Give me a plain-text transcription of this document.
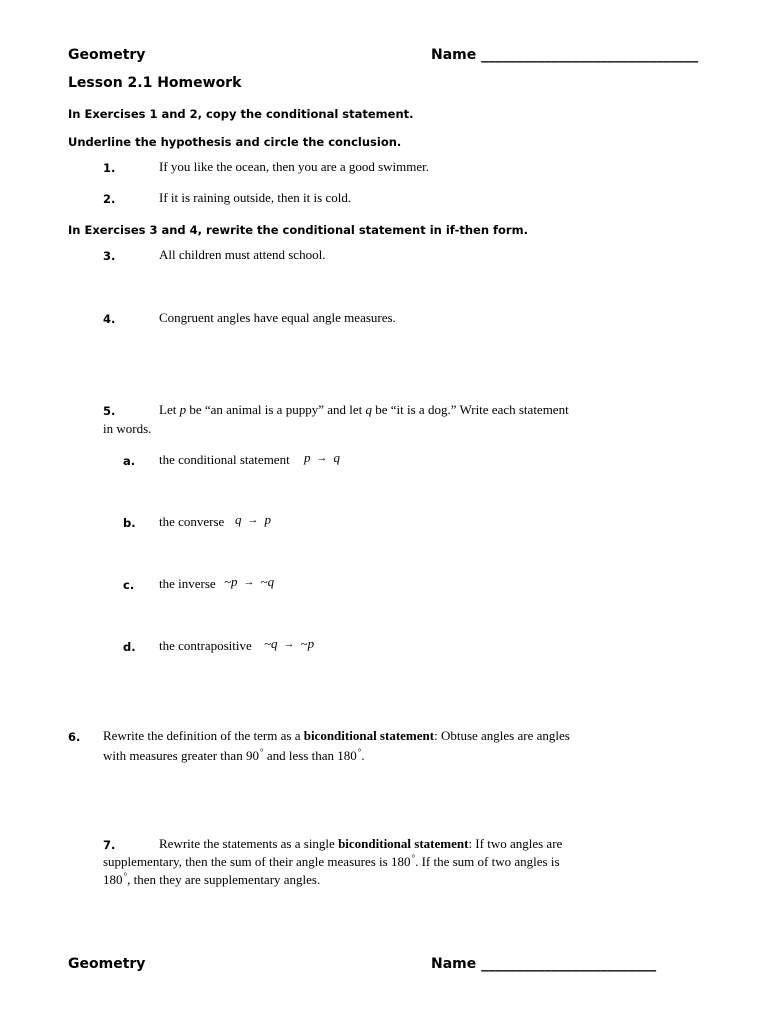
Geometry	Name _______________________________
Lesson 2.1 Homework
In Exercises 1 and 2, copy the conditional statement.
Underline the hypothesis and circle the conclusion.
1.	If you like the ocean, then you are a good swimmer.
2.	If it is raining outside, then it is cold.
In Exercises 3 and 4, rewrite the conditional statement in if-then form.
3.	All children must attend school.
4.	Congruent angles have equal angle measures.
5.	Let p be “an animal is a puppy” and let q be “it is a dog.” Write each statement
in words.
a. the conditional statement p → q
b. the converse q → p
c. the inverse ~p → ~q
d. the contrapositive ~q → ~p
6. Rewrite the definition of the term as a biconditional statement: Obtuse angles are angles
with measures greater than 90° and less than 180°.
7.	Rewrite the statements as a single biconditional statement: If two angles are
supplementary, then the sum of their angle measures is 180°. If the sum of two angles is
180°, then they are supplementary angles.
Geometry	Name _________________________
